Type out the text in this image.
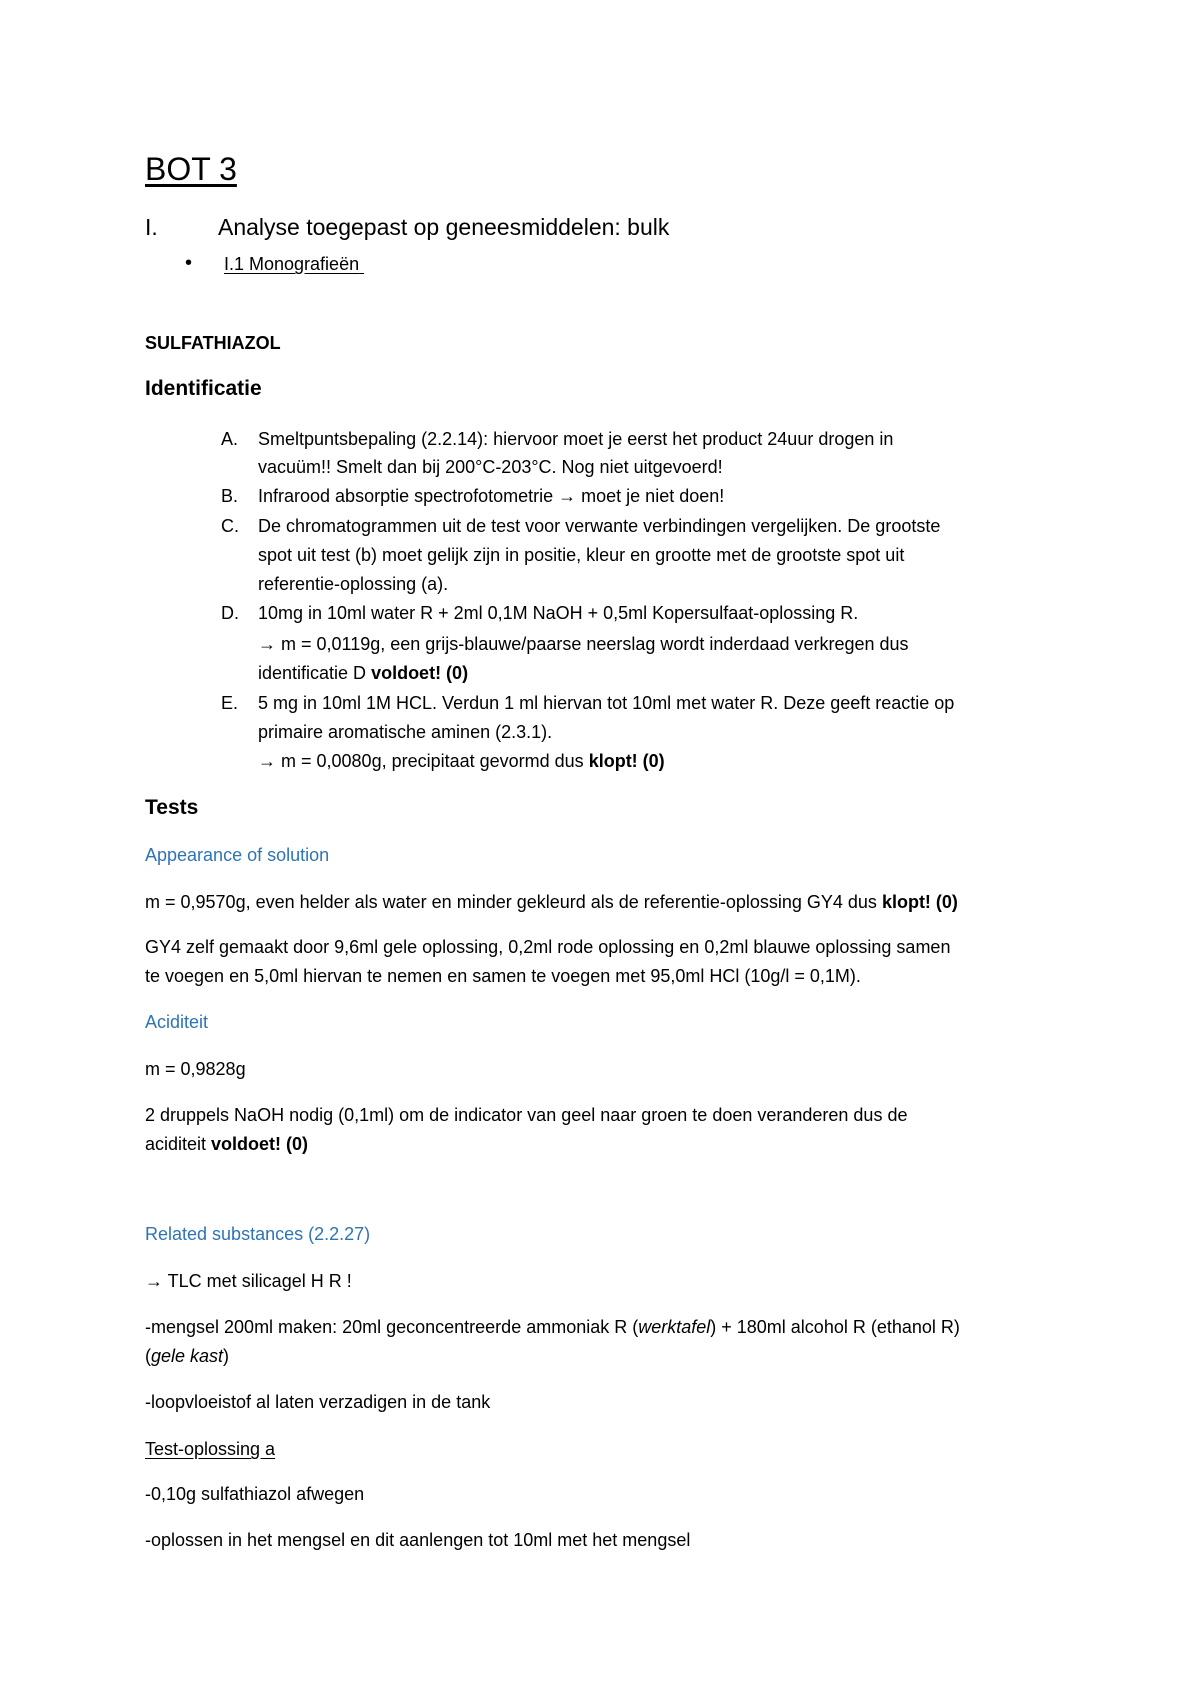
BOT 3
I.	Analyse toegepast op geneesmiddelen: bulk
• I.1 Monografieën
SULFATHIAZOL
Identificatie
A. Smeltpuntsbepaling (2.2.14): hiervoor moet je eerst het product 24uur drogen in
vacuüm!! Smelt dan bij 200°C-203°C. Nog niet uitgevoerd!
B. Infrarood absorptie spectrofotometrie → moet je niet doen!
C. De chromatogrammen uit de test voor verwante verbindingen vergelijken. De grootste
spot uit test (b) moet gelijk zijn in positie, kleur en grootte met de grootste spot uit
referentie-oplossing (a).
D. 10mg in 10ml water R + 2ml 0,1M NaOH + 0,5ml Kopersulfaat-oplossing R.
→ m = 0,0119g, een grijs-blauwe/paarse neerslag wordt inderdaad verkregen dus
identificatie D voldoet! (0)
E. 5 mg in 10ml 1M HCL. Verdun 1 ml hiervan tot 10ml met water R. Deze geeft reactie op
primaire aromatische aminen (2.3.1).
→ m = 0,0080g, precipitaat gevormd dus klopt! (0)
Tests
Appearance of solution
m = 0,9570g, even helder als water en minder gekleurd als de referentie-oplossing GY4 dus klopt! (0)
GY4 zelf gemaakt door 9,6ml gele oplossing, 0,2ml rode oplossing en 0,2ml blauwe oplossing samen
te voegen en 5,0ml hiervan te nemen en samen te voegen met 95,0ml HCl (10g/l = 0,1M).
Aciditeit
m = 0,9828g
2 druppels NaOH nodig (0,1ml) om de indicator van geel naar groen te doen veranderen dus de
aciditeit voldoet! (0)
Related substances (2.2.27)
→ TLC met silicagel H R !
-mengsel 200ml maken: 20ml geconcentreerde ammoniak R (werktafel) + 180ml alcohol R (ethanol R)
(gele kast)
-loopvloeistof al laten verzadigen in de tank
Test-oplossing a
-0,10g sulfathiazol afwegen
-oplossen in het mengsel en dit aanlengen tot 10ml met het mengsel
